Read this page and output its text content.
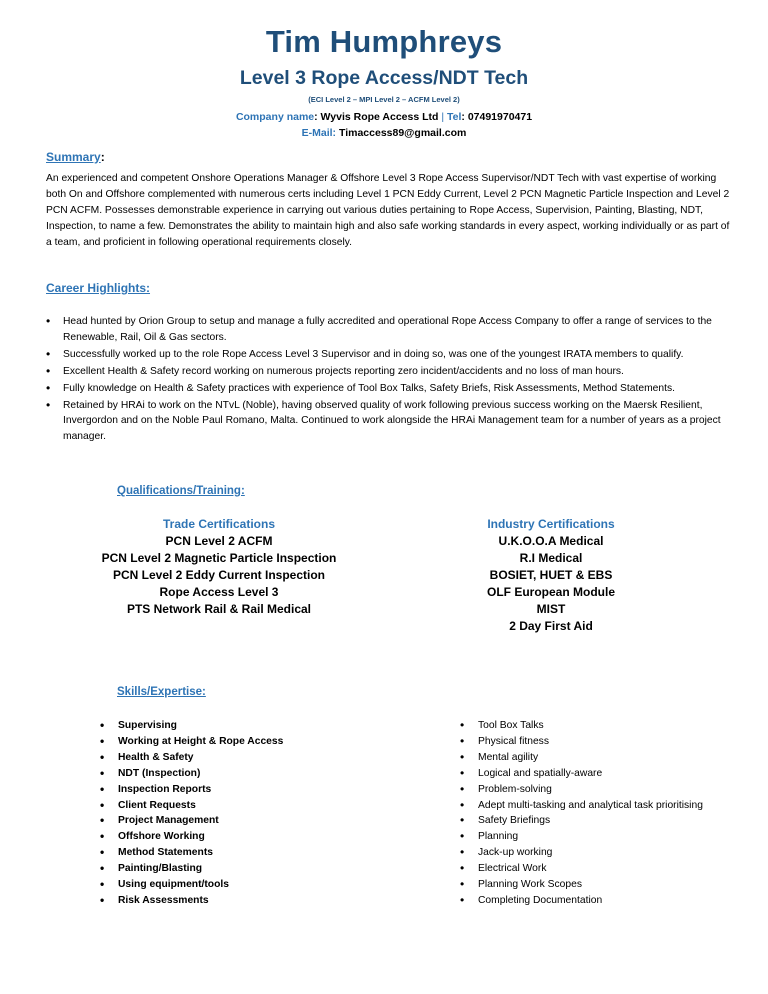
Tim Humphreys
Level 3 Rope Access/NDT Tech
(ECI Level 2 – MPI Level 2 – ACFM Level 2)
Company name: Wyvis Rope Access Ltd | Tel: 07491970471
E-Mail: Timaccess89@gmail.com
Summary:
An experienced and competent Onshore Operations Manager & Offshore Level 3 Rope Access Supervisor/NDT Tech with vast expertise of working both On and Offshore complemented with numerous certs including Level 1 PCN Eddy Current, Level 2 PCN Magnetic Particle Inspection and Level 2 PCN ACFM. Possesses demonstrable experience in carrying out various duties pertaining to Rope Access, Supervision, Painting, Blasting, NDT, Inspection, to name a few. Demonstrates the ability to maintain high and also safe working standards in every aspect, working individually or as part of a team, and proficient in following operational requirements closely.
Career Highlights:
• Head hunted by Orion Group to setup and manage a fully accredited and operational Rope Access Company to offer a range of services to the Renewable, Rail, Oil & Gas sectors.
• Successfully worked up to the role Rope Access Level 3 Supervisor and in doing so, was one of the youngest IRATA members to qualify.
• Excellent Health & Safety record working on numerous projects reporting zero incident/accidents and no loss of man hours.
• Fully knowledge on Health & Safety practices with experience of Tool Box Talks, Safety Briefs, Risk Assessments, Method Statements.
• Retained by HRAi to work on the NTvL (Noble), having observed quality of work following previous success working on the Maersk Resilient, Invergordon and on the Noble Paul Romano, Malta. Continued to work alongside the HRAi Management team for a number of years as a project manager.
Qualifications/Training:
Trade Certifications
PCN Level 2 ACFM
PCN Level 2 Magnetic Particle Inspection
PCN Level 2 Eddy Current Inspection
Rope Access Level 3
PTS Network Rail & Rail Medical
Industry Certifications
U.K.O.O.A Medical
R.I Medical
BOSIET, HUET & EBS
OLF European Module
MIST
2 Day First Aid
Skills/Expertise:
• Supervising
• Working at Height & Rope Access
• Health & Safety
• NDT (Inspection)
• Inspection Reports
• Client Requests
• Project Management
• Offshore Working
• Method Statements
• Painting/Blasting
• Using equipment/tools
• Risk Assessments
• Tool Box Talks
• Physical fitness
• Mental agility
• Logical and spatially-aware
• Problem-solving
• Adept multi-tasking and analytical task prioritising
• Safety Briefings
• Planning
• Jack-up working
• Electrical Work
• Planning Work Scopes
• Completing Documentation
